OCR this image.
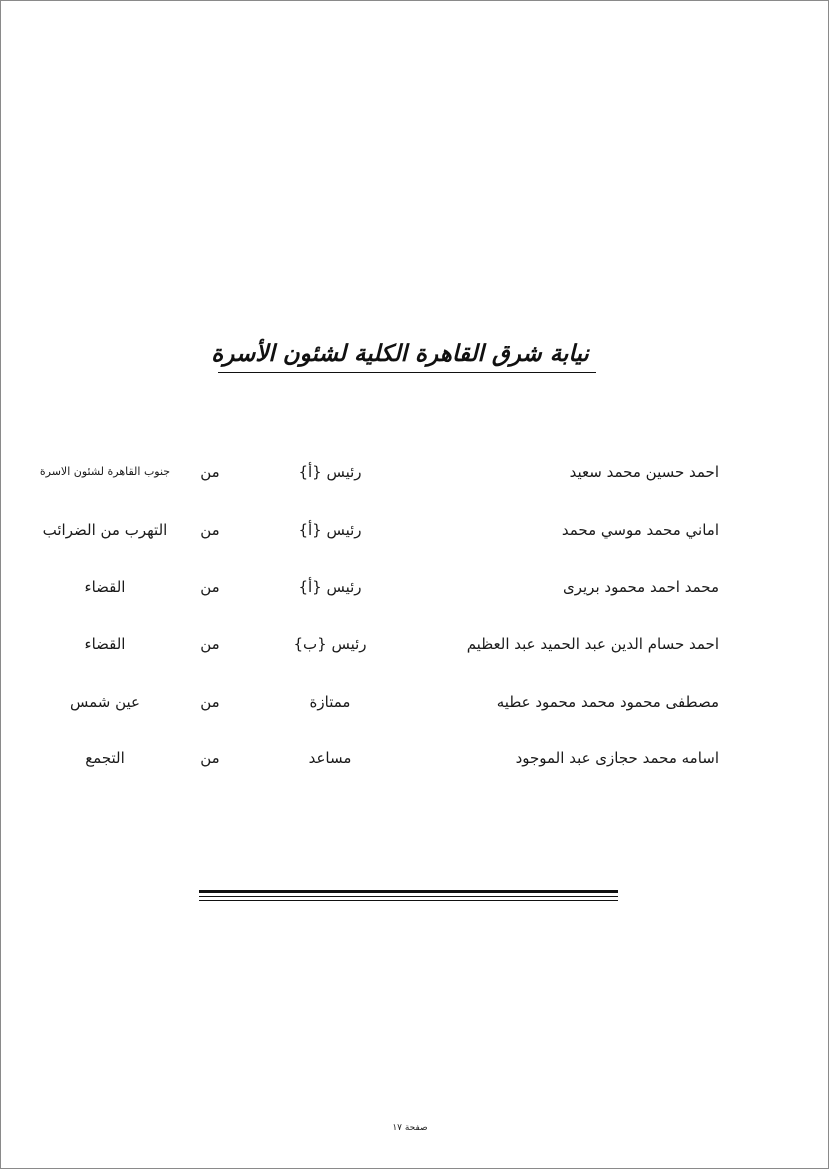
نيابة شرق القاهرة الكلية لشئون الأسرة
احمد حسين محمد سعيد
رئيس {أ}
من
جنوب القاهرة لشئون الاسرة
اماني محمد موسي محمد
رئيس {أ}
من
التهرب من الضرائب
محمد احمد محمود بريرى
رئيس {أ}
من
القضاء
احمد حسام الدين عبد الحميد عبد العظيم
رئيس {ب}
من
القضاء
مصطفى محمود محمد محمود عطيه
ممتازة
من
عين شمس
اسامه محمد حجازى عبد الموجود
مساعد
من
التجمع
صفحة ١٧
